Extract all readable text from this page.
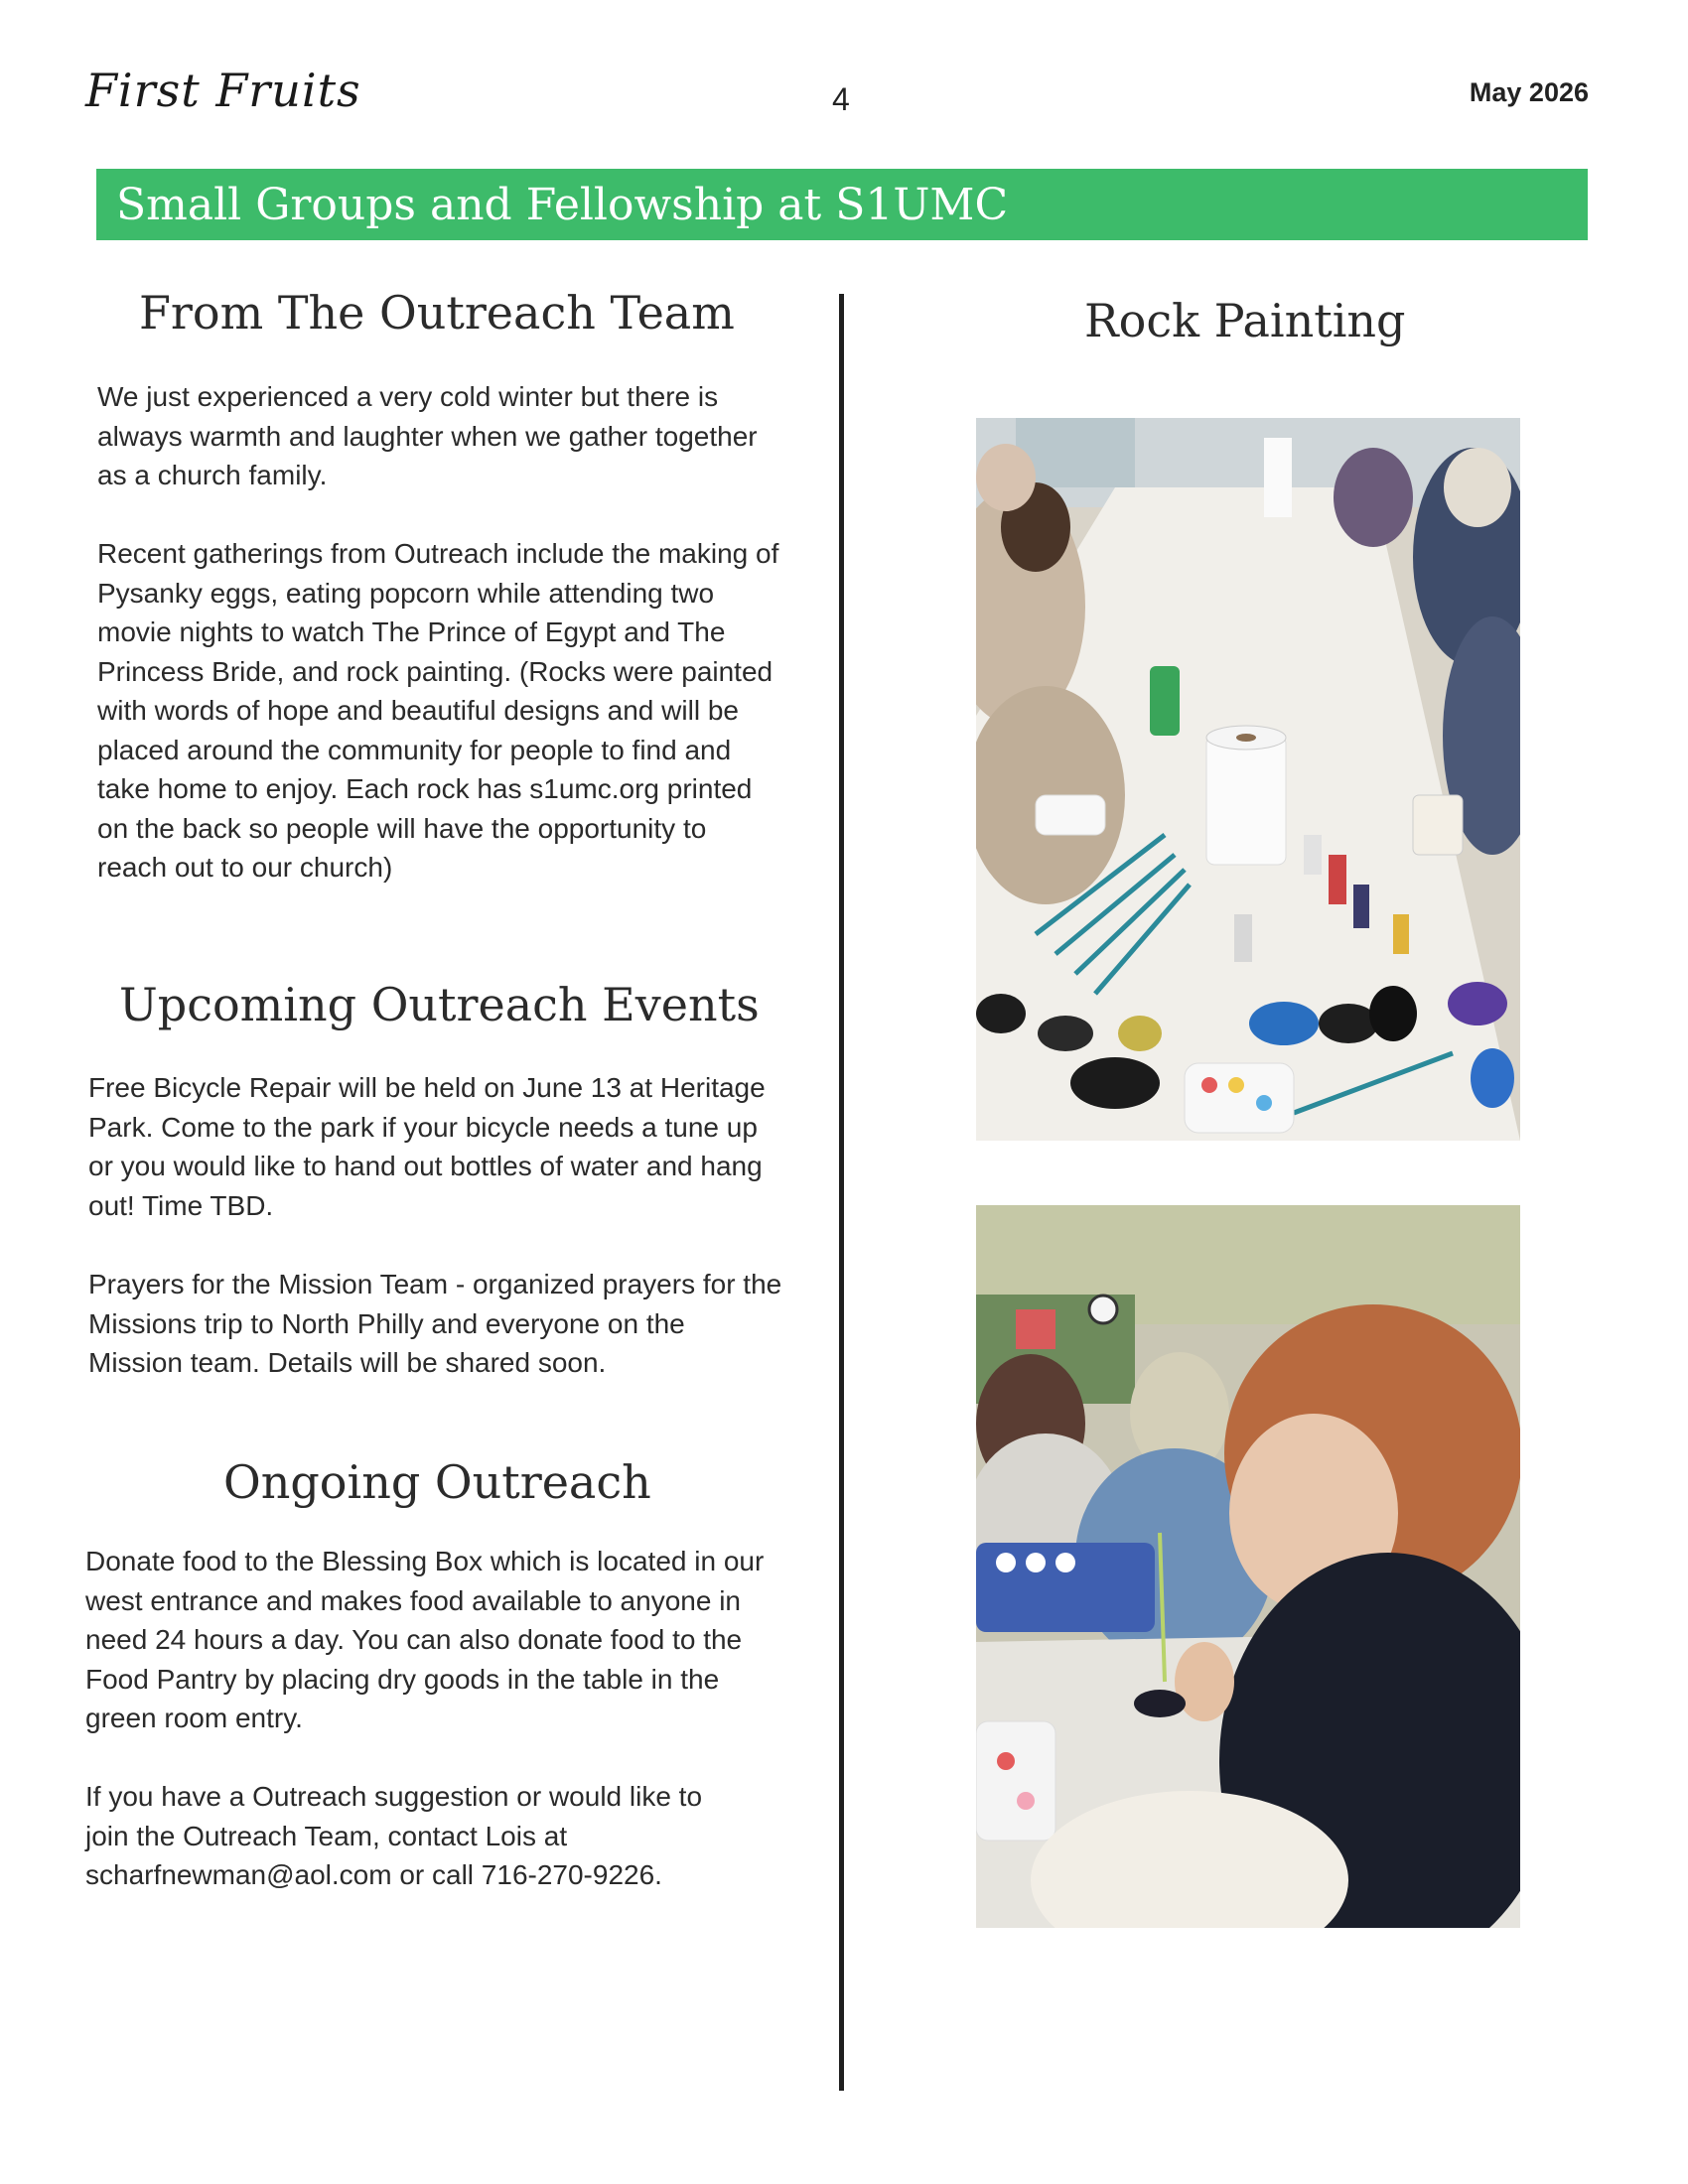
First Fruits	4	May 2026
Small Groups and Fellowship at S1UMC
From The Outreach Team

We just experienced a very cold winter but there is always warmth and laughter when we gather together as a church family.

Recent gatherings from Outreach include the making of Pysanky eggs, eating popcorn while attending two movie nights to watch The Prince of Egypt and The Princess Bride, and rock painting. (Rocks were painted with words of hope and beautiful designs and will be placed around the community for people to find and take home to enjoy. Each rock has s1umc.org printed on the back so people will have the opportunity to reach out to our church)

Upcoming Outreach Events

Free Bicycle Repair will be held on June 13 at Heritage Park. Come to the park if your bicycle needs a tune up or you would like to hand out bottles of water and hang out! Time TBD.

Prayers for the Mission Team - organized prayers for the Missions trip to North Philly and everyone on the Mission team. Details will be shared soon.

Ongoing Outreach

Donate food to the Blessing Box which is located in our west entrance and makes food available to anyone in need 24 hours a day. You can also donate food to the Food Pantry by placing dry goods in the table in the green room entry.

If you have a Outreach suggestion or would like to join the Outreach Team, contact Lois at scharfnewman@aol.com or call 716-270-9226.

Rock Painting
